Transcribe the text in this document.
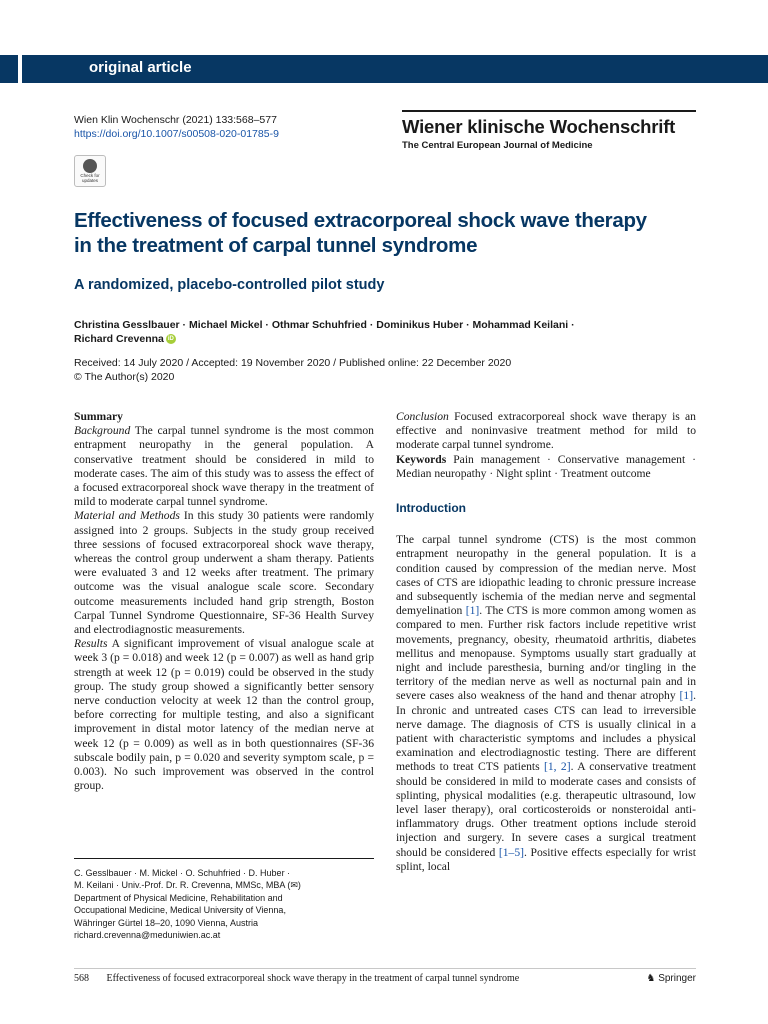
original article
Wien Klin Wochenschr (2021) 133:568–577
https://doi.org/10.1007/s00508-020-01785-9	Wiener klinische Wochenschrift
The Central European Journal of Medicine
Check for
updates
Effectiveness of focused extracorporeal shock wave therapy
in the treatment of carpal tunnel syndrome
A randomized, placebo-controlled pilot study
Christina Gesslbauer · Michael Mickel · Othmar Schuhfried · Dominikus Huber · Mohammad Keilani ·
Richard Crevenna iD
Received: 14 July 2020 / Accepted: 19 November 2020 / Published online: 22 December 2020
© The Author(s) 2020

Summary

Background The carpal tunnel syndrome is the most common entrapment neuropathy in the general population. A conservative treatment should be considered in mild to moderate cases. The aim of this study was to assess the effect of a focused extracorporeal shock wave therapy in the treatment of mild to moderate carpal tunnel syndrome.

Material and Methods In this study 30 patients were randomly assigned into 2 groups. Subjects in the study group received three sessions of focused extracorporeal shock wave therapy, whereas the control group underwent a sham therapy. Patients were evaluated 3 and 12 weeks after treatment. The primary outcome was the visual analogue scale score. Secondary outcome measurements included hand grip strength, Boston Carpal Tunnel Syndrome Questionnaire, SF-36 Health Survey and electrodiagnostic measurements.

Results A significant improvement of visual analogue scale at week 3 (p = 0.018) and week 12 (p = 0.007) as well as hand grip strength at week 12 (p = 0.019) could be observed in the study group. The study group showed a significantly better sensory nerve conduction velocity at week 12 than the control group, before correcting for multiple testing, and also a significant improvement in distal motor latency of the median nerve at week 12 (p = 0.009) as well as in both questionnaires (SF-36 subscale bodily pain, p = 0.020 and severity symptom scale, p = 0.003). No such improvement was observed in the control group.

Conclusion Focused extracorporeal shock wave therapy is an effective and noninvasive treatment method for mild to moderate carpal tunnel syndrome.

Keywords Pain management · Conservative management · Median neuropathy · Night splint · Treatment outcome

Introduction

The carpal tunnel syndrome (CTS) is the most common entrapment neuropathy in the general population. It is a condition caused by compression of the median nerve. Most cases of CTS are idiopathic leading to chronic pressure increase and subsequently ischemia of the median nerve and segmental demyelination [1]. The CTS is more common among women as compared to men. Further risk factors include repetitive wrist movements, pregnancy, obesity, rheumatoid arthritis, diabetes mellitus and menopause. Symptoms usually start gradually at night and include paresthesia, burning and/or tingling in the territory of the median nerve as well as nocturnal pain and in severe cases also weakness of the hand and thenar atrophy [1]. In chronic and untreated cases CTS can lead to irreversible nerve damage. The diagnosis of CTS is usually clinical in a patient with characteristic symptoms and includes a physical examination and electrodiagnostic testing. There are different methods to treat CTS patients [1, 2]. A conservative treatment should be considered in mild to moderate cases and consists of splinting, physical modalities (e.g. therapeutic ultrasound, low level laser therapy), oral corticosteroids or nonsteroidal anti-inflammatory drugs. Other treatment options include steroid injection and surgery. In severe cases a surgical treatment should be considered [1–5]. Positive effects especially for wrist splint, local

C. Gesslbauer · M. Mickel · O. Schuhfried · D. Huber ·
M. Keilani · Univ.-Prof. Dr. R. Crevenna, MMSc, MBA (✉)
Department of Physical Medicine, Rehabilitation and
Occupational Medicine, Medical University of Vienna,
Währinger Gürtel 18–20, 1090 Vienna, Austria
richard.crevenna@meduniwien.ac.at
568 Effectiveness of focused extracorporeal shock wave therapy in the treatment of carpal tunnel syndrome	♞ Springer
